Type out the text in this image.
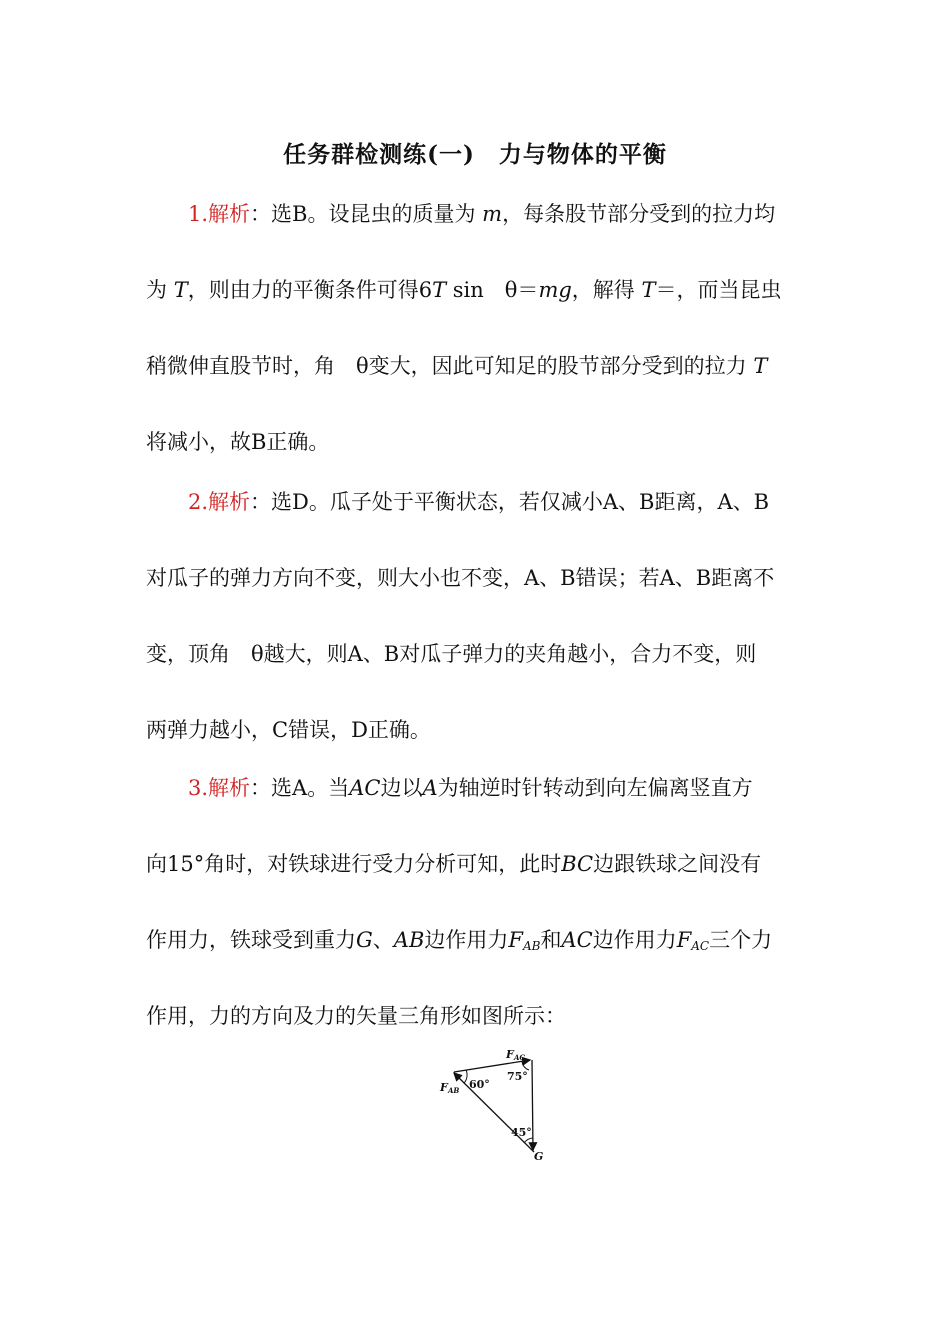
任务群检测练(一)　力与物体的平衡
1.解析：选B。设昆虫的质量为 m，每条股节部分受到的拉力均
为 T，则由力的平衡条件可得6T sin　θ＝mg，解得 T＝，而当昆虫
稍微伸直股节时，角　θ变大，因此可知足的股节部分受到的拉力 T
将减小，故B正确。
2.解析：选D。瓜子处于平衡状态，若仅减小A、B距离，A、B
对瓜子的弹力方向不变，则大小也不变，A、B错误；若A、B距离不
变，顶角　θ越大，则A、B对瓜子弹力的夹角越小，合力不变，则
两弹力越小，C错误，D正确。
3.解析：选A。当AC边以A为轴逆时针转动到向左偏离竖直方
向15°角时，对铁球进行受力分析可知，此时BC边跟铁球之间没有
作用力，铁球受到重力G、AB边作用力$F_{AB}$和AC边作用力$F_{AC}$三个力
作用，力的方向及力的矢量三角形如图所示：
F AC
F AB
G
75°
60°
45°
